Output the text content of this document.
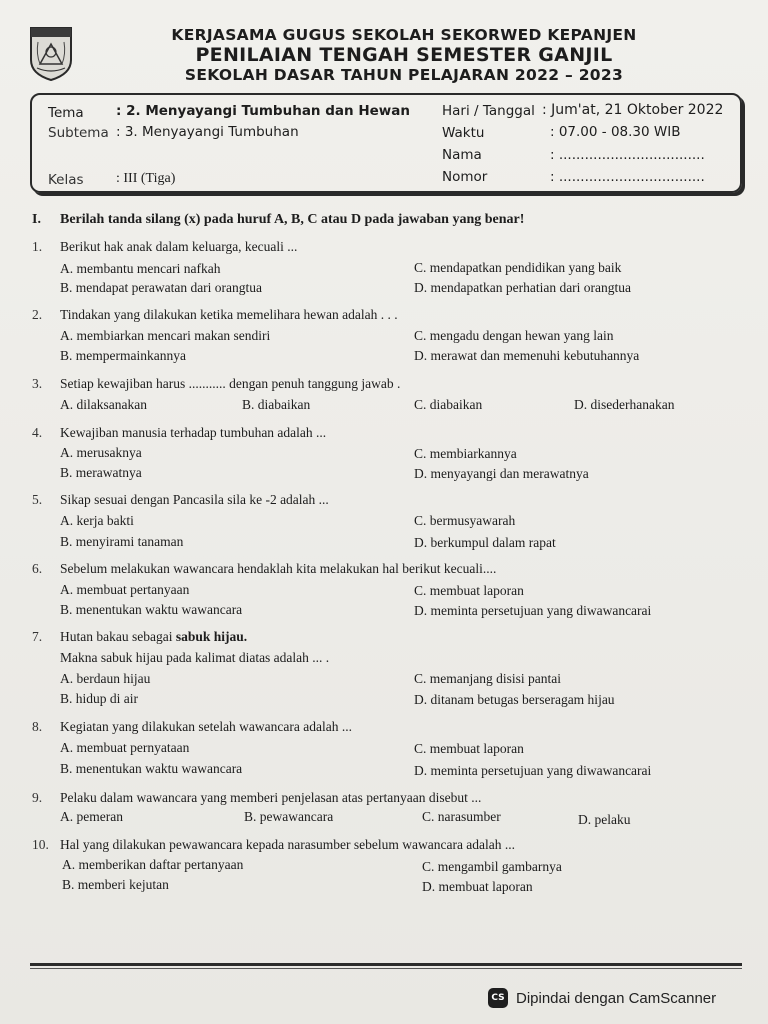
KERJASAMA GUGUS SEKOLAH SEKORWED KEPANJEN
PENILAIAN TENGAH SEMESTER GANJIL
SEKOLAH DASAR TAHUN PELAJARAN 2022 – 2023
Tema : 2. Menyayangi Tumbuhan dan Hewan
Subtema : 3. Menyayangi Tumbuhan
Kelas : III (Tiga)
Hari / Tanggal : Jum'at, 21 Oktober 2022
Waktu	: 07.00 - 08.30 WIB
Nama	: ..................................
Nomor	: ..................................
I. Berilah tanda silang (x) pada huruf A, B, C atau D pada jawaban yang benar!
1. Berikut hak anak dalam keluarga, kecuali ...
A. membantu mencari nafkah
B. mendapat perawatan dari orangtua
C. mendapatkan pendidikan yang baik
D. mendapatkan perhatian dari orangtua
2. Tindakan yang dilakukan ketika memelihara hewan adalah . . .
A. membiarkan mencari makan sendiri
B. mempermainkannya
C. mengadu dengan hewan yang lain
D. merawat dan memenuhi kebutuhannya
3. Setiap kewajiban harus ........... dengan penuh tanggung jawab .
A. dilaksanakan	B. diabaikan	C. diabaikan	D. disederhanakan
4. Kewajiban manusia terhadap tumbuhan adalah ...
A. merusaknya
B. merawatnya
C. membiarkannya
D. menyayangi dan merawatnya
5. Sikap sesuai dengan Pancasila sila ke -2 adalah ...
A. kerja bakti
B. menyirami tanaman
C. bermusyawarah
D. berkumpul dalam rapat
6. Sebelum melakukan wawancara hendaklah kita melakukan hal berikut kecuali....
A. membuat pertanyaan
B. menentukan waktu wawancara
C. membuat laporan
D. meminta persetujuan yang diwawancarai
7. Hutan bakau sebagai sabuk hijau.
Makna sabuk hijau pada kalimat diatas adalah ... .
A. berdaun hijau
B. hidup di air
C. memanjang disisi pantai
D. ditanam betugas berseragam hijau
8. Kegiatan yang dilakukan setelah wawancara adalah ...
A. membuat pernyataan
B. menentukan waktu wawancara
C. membuat laporan
D. meminta persetujuan yang diwawancarai
9. Pelaku dalam wawancara yang memberi penjelasan atas pertanyaan disebut ...
A. pemeran	B. pewawancara	C. narasumber	D. pelaku
10. Hal yang dilakukan pewawancara kepada narasumber sebelum wawancara adalah ...
A. memberikan daftar pertanyaan
B. memberi kejutan
C. mengambil gambarnya
D. membuat laporan
CS Dipindai dengan CamScanner
